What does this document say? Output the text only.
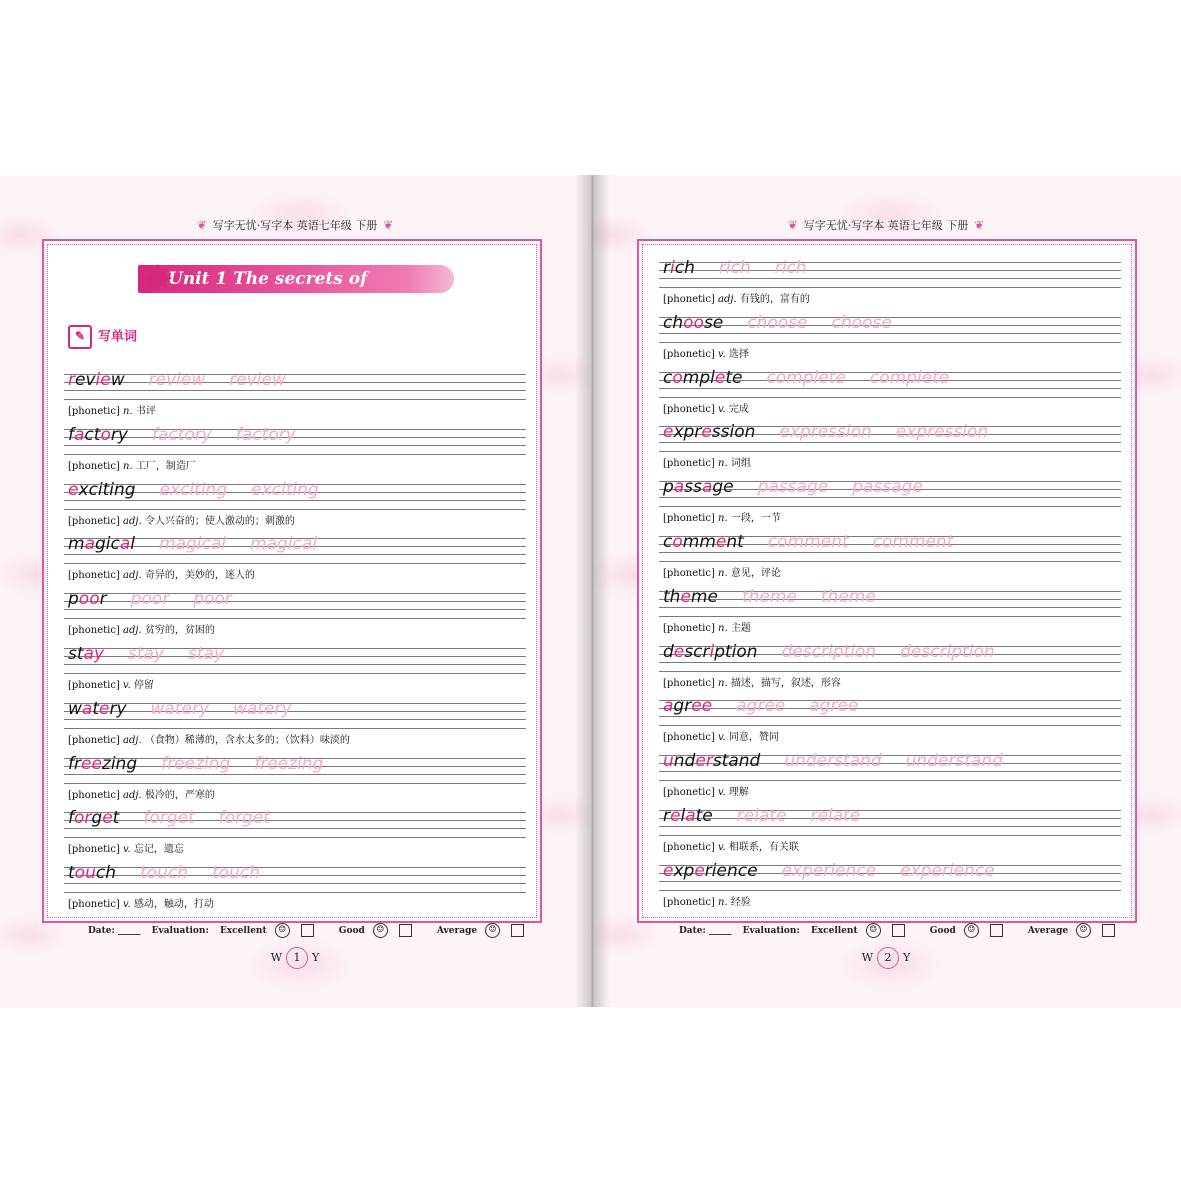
❦ 写字无忧·写字本 英语七年级 下册 ❦
Unit 1 The secrets of happiness
✸
✎ 写单词
review review review
[phonetic] n. 书评
factory factory factory
[phonetic] n. 工厂，制造厂
exciting exciting exciting
[phonetic] adj. 令人兴奋的；使人激动的；刺激的
magical magical magical
[phonetic] adj. 奇异的，美妙的，迷人的
poor poor poor
[phonetic] adj. 贫穷的，贫困的
stay stay stay
[phonetic] v. 停留
watery watery watery
[phonetic] adj. （食物）稀薄的，含水太多的；（饮料）味淡的
freezing freezing freezing
[phonetic] adj. 极冷的，严寒的
forget forget forget
[phonetic] v. 忘记，遗忘
touch touch touch
[phonetic] v. 感动，触动，打动
Date: _____ Evaluation: Excellent ☺	Good ☺	Average ☺
W 1 Y
❦ 写字无忧·写字本 英语七年级 下册 ❦
rich rich rich
[phonetic] adj. 有钱的，富有的
choose choose choose
[phonetic] v. 选择
complete complete complete
[phonetic] v. 完成
expression expression expression
[phonetic] n. 词组
passage passage passage
[phonetic] n. 一段，一节
comment comment comment
[phonetic] n. 意见，评论
theme theme theme
[phonetic] n. 主题
description description description
[phonetic] n. 描述，描写，叙述，形容
agree agree agree
[phonetic] v. 同意，赞同
understand understand understand
[phonetic] v. 理解
relate relate relate
[phonetic] v. 相联系，有关联
experience experience experience
[phonetic] n. 经验
Date: _____ Evaluation: Excellent ☺	Good ☺	Average ☺
W 2 Y
